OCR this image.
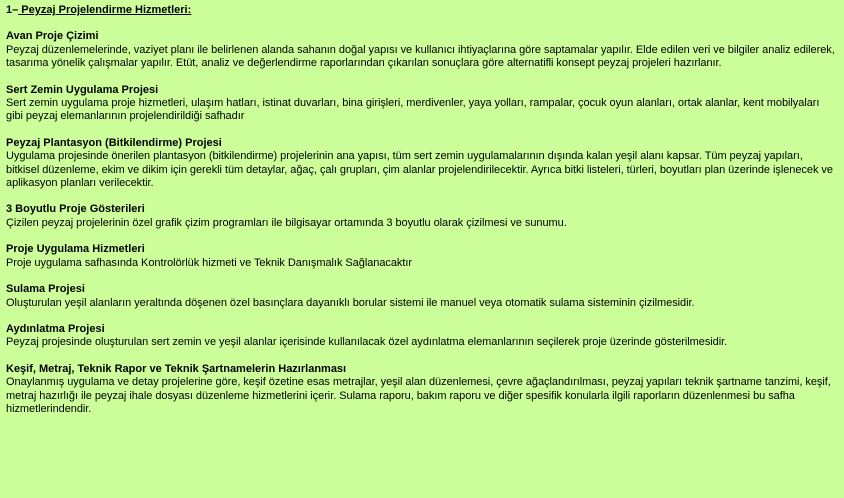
1– Peyzaj Projelendirme Hizmetleri:
Avan Proje Çizimi
Peyzaj düzenlemelerinde, vaziyet planı ile belirlenen alanda sahanın doğal yapısı ve kullanıcı ihtiyaçlarına göre saptamalar yapılır. Elde edilen veri ve bilgiler analiz edilerek, tasarıma yönelik çalışmalar yapılır. Etüt, analiz ve değerlendirme raporlarından çıkarılan sonuçlara göre alternatifli konsept peyzaj projeleri hazırlanır.
Sert Zemin Uygulama Projesi
Sert zemin uygulama proje hizmetleri, ulaşım hatları, istinat duvarları, bina girişleri, merdivenler, yaya yolları, rampalar, çocuk oyun alanları, ortak alanlar, kent mobilyaları gibi peyzaj elemanlarının projelendirildiği safhadır
Peyzaj Plantasyon (Bitkilendirme) Projesi
Uygulama projesinde önerilen plantasyon (bitkilendirme) projelerinin ana yapısı, tüm sert zemin uygulamalarının dışında kalan yeşil alanı kapsar. Tüm peyzaj yapıları, bitkisel düzenleme, ekim ve dikim için gerekli tüm detaylar, ağaç, çalı grupları, çim alanlar projelendirilecektir. Ayrıca bitki listeleri, türleri, boyutları plan üzerinde işlenecek ve aplikasyon planları verilecektir.
3 Boyutlu Proje Gösterileri
Çizilen peyzaj projelerinin özel grafik çizim programları ile bilgisayar ortamında 3 boyutlu olarak çizilmesi ve sunumu.
Proje Uygulama Hizmetleri
Proje uygulama safhasında Kontrolörlük hizmeti ve Teknik Danışmalık Sağlanacaktır
Sulama Projesi
Oluşturulan yeşil alanların yeraltında döşenen özel basınçlara dayanıklı borular sistemi ile manuel veya otomatik sulama sisteminin çizilmesidir.
Aydınlatma Projesi
Peyzaj projesinde oluşturulan sert zemin ve yeşil alanlar içerisinde kullanılacak özel aydınlatma elemanlarının seçilerek proje üzerinde gösterilmesidir.
Keşif, Metraj, Teknik Rapor ve Teknik Şartnamelerin Hazırlanması
Onaylanmış uygulama ve detay projelerine göre, keşif özetine esas metrajlar, yeşil alan düzenlemesi, çevre ağaçlandırılması, peyzaj yapıları teknik şartname tanzimi, keşif, metraj hazırlığı ile peyzaj ihale dosyası düzenleme hizmetlerini içerir. Sulama raporu, bakım raporu ve diğer spesifik konularla ilgili raporların düzenlenmesi bu safha hizmetlerindendir.
